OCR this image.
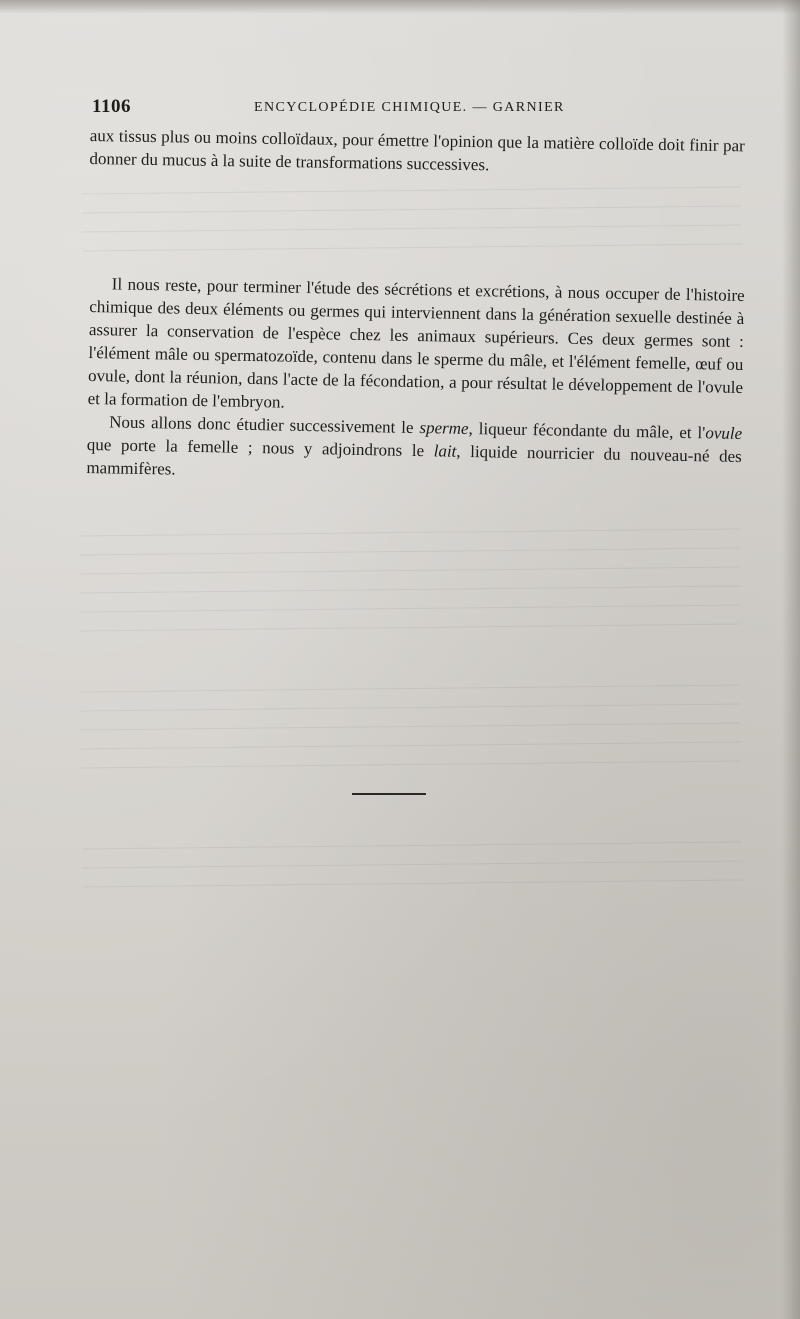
1106	ENCYCLOPÉDIE CHIMIQUE. — GARNIER

aux tissus plus ou moins colloïdaux, pour émettre l'opinion que la matière colloïde doit finir par donner du mucus à la suite de transformations successives.

Il nous reste, pour terminer l'étude des sécrétions et excrétions, à nous occuper de l'histoire chimique des deux éléments ou germes qui interviennent dans la génération sexuelle destinée à assurer la conservation de l'espèce chez les animaux supérieurs. Ces deux germes sont : l'élément mâle ou spermatozoïde, contenu dans le sperme du mâle, et l'élément femelle, œuf ou ovule, dont la réunion, dans l'acte de la fécondation, a pour résultat le développement de l'ovule et la formation de l'embryon.

Nous allons donc étudier successivement le sperme, liqueur fécondante du mâle, et l'ovule que porte la femelle ; nous y adjoindrons le lait, liquide nourricier du nouveau-né des mammifères.
